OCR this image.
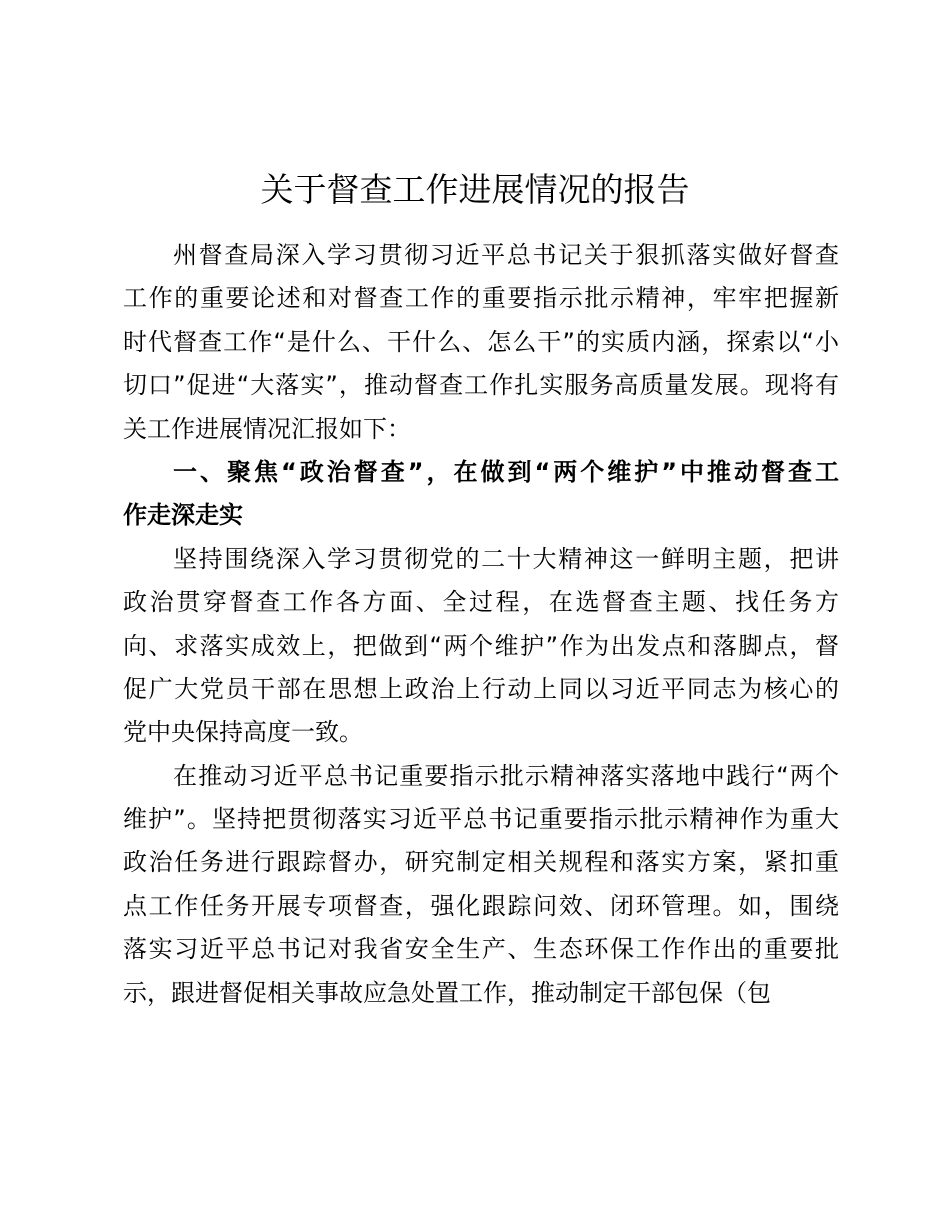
关于督查工作进展情况的报告
州督查局深入学习贯彻习近平总书记关于狠抓落实做好督查
工作的重要论述和对督查工作的重要指示批示精神，牢牢把握新
时代督查工作“是什么、干什么、怎么干”的实质内涵，探索以“小
切口”促进“大落实”，推动督查工作扎实服务高质量发展。现将有
关工作进展情况汇报如下：
一、聚焦“政治督查”，在做到“两个维护”中推动督查工
作走深走实
坚持围绕深入学习贯彻党的二十大精神这一鲜明主题，把讲
政治贯穿督查工作各方面、全过程，在选督查主题、找任务方
向、求落实成效上，把做到“两个维护”作为出发点和落脚点，督
促广大党员干部在思想上政治上行动上同以习近平同志为核心的
党中央保持高度一致。
在推动习近平总书记重要指示批示精神落实落地中践行“两个
维护”。坚持把贯彻落实习近平总书记重要指示批示精神作为重大
政治任务进行跟踪督办，研究制定相关规程和落实方案，紧扣重
点工作任务开展专项督查，强化跟踪问效、闭环管理。如，围绕
落实习近平总书记对我省安全生产、生态环保工作作出的重要批
示，跟进督促相关事故应急处置工作，推动制定干部包保（包
